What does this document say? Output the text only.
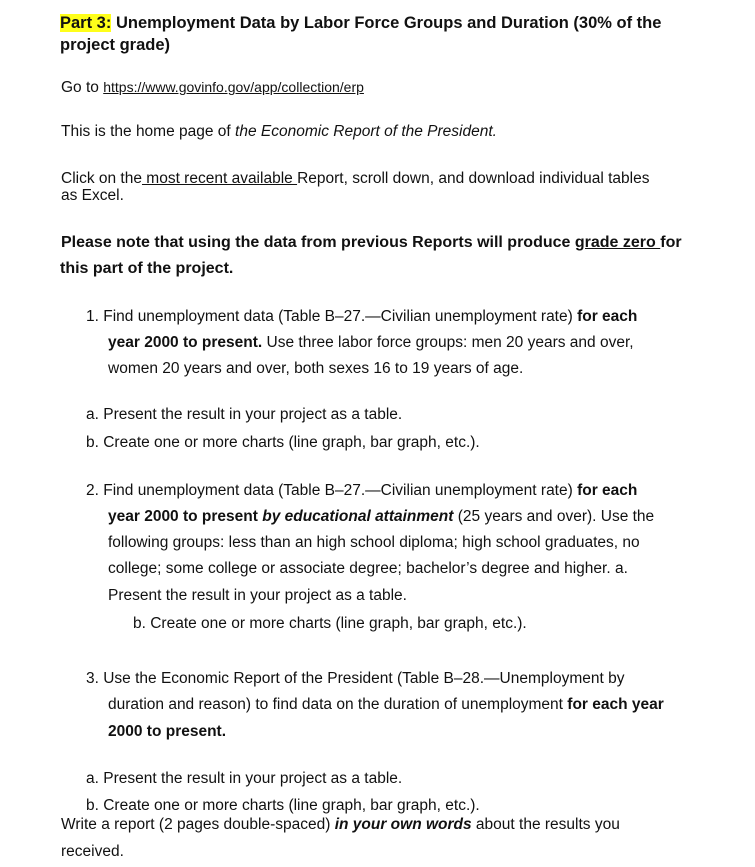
Part 3: Unemployment Data by Labor Force Groups and Duration (30% of the
project grade)
Go to https://www.govinfo.gov/app/collection/erp
This is the home page of the Economic Report of the President.
Click on the most recent available Report, scroll down, and download individual tables
as Excel.
Please note that using the data from previous Reports will produce grade zero for
this part of the project.
1. Find unemployment data (Table B–27.—Civilian unemployment rate) for each
year 2000 to present. Use three labor force groups: men 20 years and over,
women 20 years and over, both sexes 16 to 19 years of age.
a. Present the result in your project as a table.
b. Create one or more charts (line graph, bar graph, etc.).
2. Find unemployment data (Table B–27.—Civilian unemployment rate) for each
year 2000 to present by educational attainment (25 years and over). Use the
following groups: less than an high school diploma; high school graduates, no
college; some college or associate degree; bachelor’s degree and higher. a.
Present the result in your project as a table.
b. Create one or more charts (line graph, bar graph, etc.).
3. Use the Economic Report of the President (Table B–28.—Unemployment by
duration and reason) to find data on the duration of unemployment for each year
2000 to present.
a. Present the result in your project as a table.
b. Create one or more charts (line graph, bar graph, etc.).
Write a report (2 pages double-spaced) in your own words about the results you
received.
